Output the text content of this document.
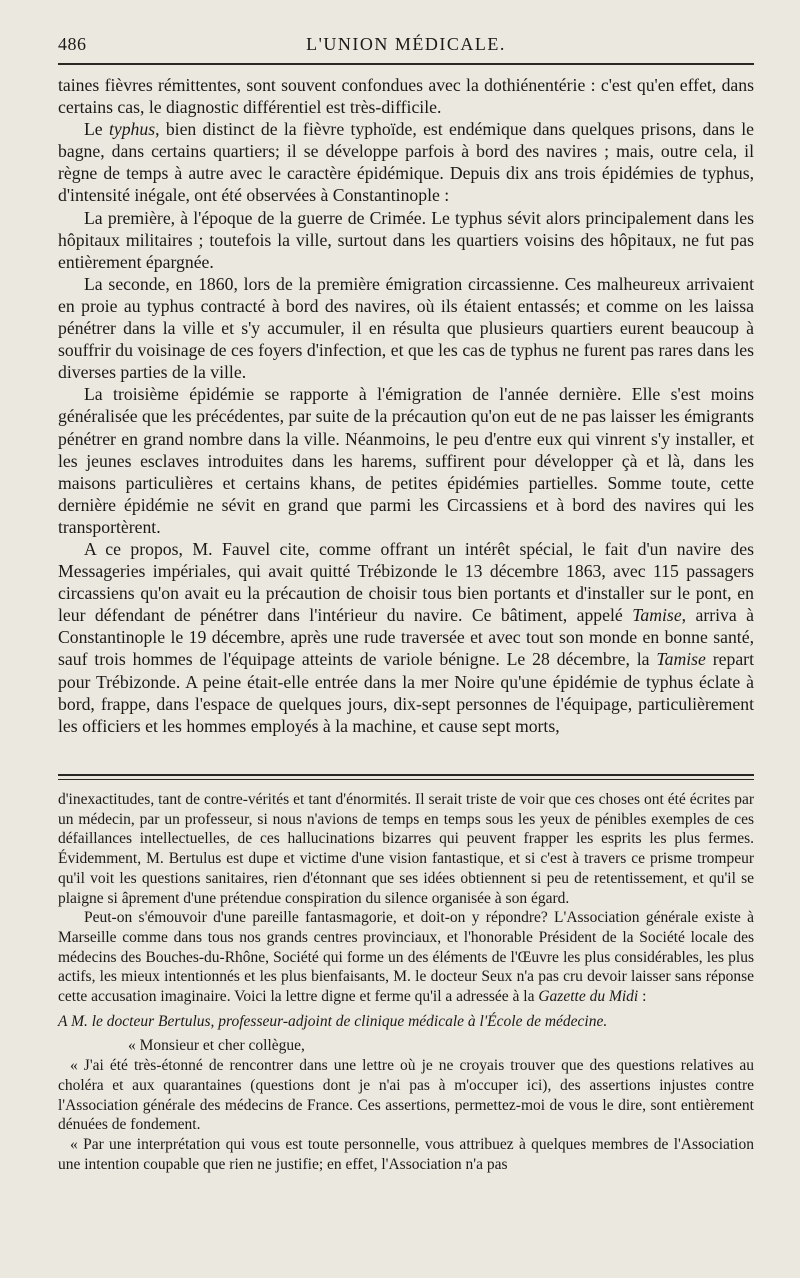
486	L'UNION MÉDICALE.

taines fièvres rémittentes, sont souvent confondues avec la dothiénentérie : c'est qu'en effet, dans certains cas, le diagnostic différentiel est très-difficile.

Le typhus, bien distinct de la fièvre typhoïde, est endémique dans quelques prisons, dans le bagne, dans certains quartiers; il se développe parfois à bord des navires ; mais, outre cela, il règne de temps à autre avec le caractère épidémique. Depuis dix ans trois épidémies de typhus, d'intensité inégale, ont été observées à Constantinople :

La première, à l'époque de la guerre de Crimée. Le typhus sévit alors principalement dans les hôpitaux militaires ; toutefois la ville, surtout dans les quartiers voisins des hôpitaux, ne fut pas entièrement épargnée.

La seconde, en 1860, lors de la première émigration circassienne. Ces malheureux arrivaient en proie au typhus contracté à bord des navires, où ils étaient entassés; et comme on les laissa pénétrer dans la ville et s'y accumuler, il en résulta que plusieurs quartiers eurent beaucoup à souffrir du voisinage de ces foyers d'infection, et que les cas de typhus ne furent pas rares dans les diverses parties de la ville.

La troisième épidémie se rapporte à l'émigration de l'année dernière. Elle s'est moins généralisée que les précédentes, par suite de la précaution qu'on eut de ne pas laisser les émigrants pénétrer en grand nombre dans la ville. Néanmoins, le peu d'entre eux qui vinrent s'y installer, et les jeunes esclaves introduites dans les harems, suffirent pour développer çà et là, dans les maisons particulières et certains khans, de petites épidémies partielles. Somme toute, cette dernière épidémie ne sévit en grand que parmi les Circassiens et à bord des navires qui les transportèrent.

A ce propos, M. Fauvel cite, comme offrant un intérêt spécial, le fait d'un navire des Messageries impériales, qui avait quitté Trébizonde le 13 décembre 1863, avec 115 passagers circassiens qu'on avait eu la précaution de choisir tous bien portants et d'installer sur le pont, en leur défendant de pénétrer dans l'intérieur du navire. Ce bâtiment, appelé Tamise, arriva à Constantinople le 19 décembre, après une rude traversée et avec tout son monde en bonne santé, sauf trois hommes de l'équipage atteints de variole bénigne. Le 28 décembre, la Tamise repart pour Trébizonde. A peine était-elle entrée dans la mer Noire qu'une épidémie de typhus éclate à bord, frappe, dans l'espace de quelques jours, dix-sept personnes de l'équipage, particulièrement les officiers et les hommes employés à la machine, et cause sept morts,

d'inexactitudes, tant de contre-vérités et tant d'énormités. Il serait triste de voir que ces choses ont été écrites par un médecin, par un professeur, si nous n'avions de temps en temps sous les yeux de pénibles exemples de ces défaillances intellectuelles, de ces hallucinations bizarres qui peuvent frapper les esprits les plus fermes. Évidemment, M. Bertulus est dupe et victime d'une vision fantastique, et si c'est à travers ce prisme trompeur qu'il voit les questions sanitaires, rien d'étonnant que ses idées obtiennent si peu de retentissement, et qu'il se plaigne si âprement d'une prétendue conspiration du silence organisée à son égard.

Peut-on s'émouvoir d'une pareille fantasmagorie, et doit-on y répondre? L'Association générale existe à Marseille comme dans tous nos grands centres provinciaux, et l'honorable Président de la Société locale des médecins des Bouches-du-Rhône, Société qui forme un des éléments de l'Œuvre les plus considérables, les plus actifs, les mieux intentionnés et les plus bienfaisants, M. le docteur Seux n'a pas cru devoir laisser sans réponse cette accusation imaginaire. Voici la lettre digne et ferme qu'il a adressée à la Gazette du Midi :

A M. le docteur Bertulus, professeur-adjoint de clinique médicale à l'École de médecine.

« Monsieur et cher collègue,

« J'ai été très-étonné de rencontrer dans une lettre où je ne croyais trouver que des questions relatives au choléra et aux quarantaines (questions dont je n'ai pas à m'occuper ici), des assertions injustes contre l'Association générale des médecins de France. Ces assertions, permettez-moi de vous le dire, sont entièrement dénuées de fondement.

« Par une interprétation qui vous est toute personnelle, vous attribuez à quelques membres de l'Association une intention coupable que rien ne justifie; en effet, l'Association n'a pas
